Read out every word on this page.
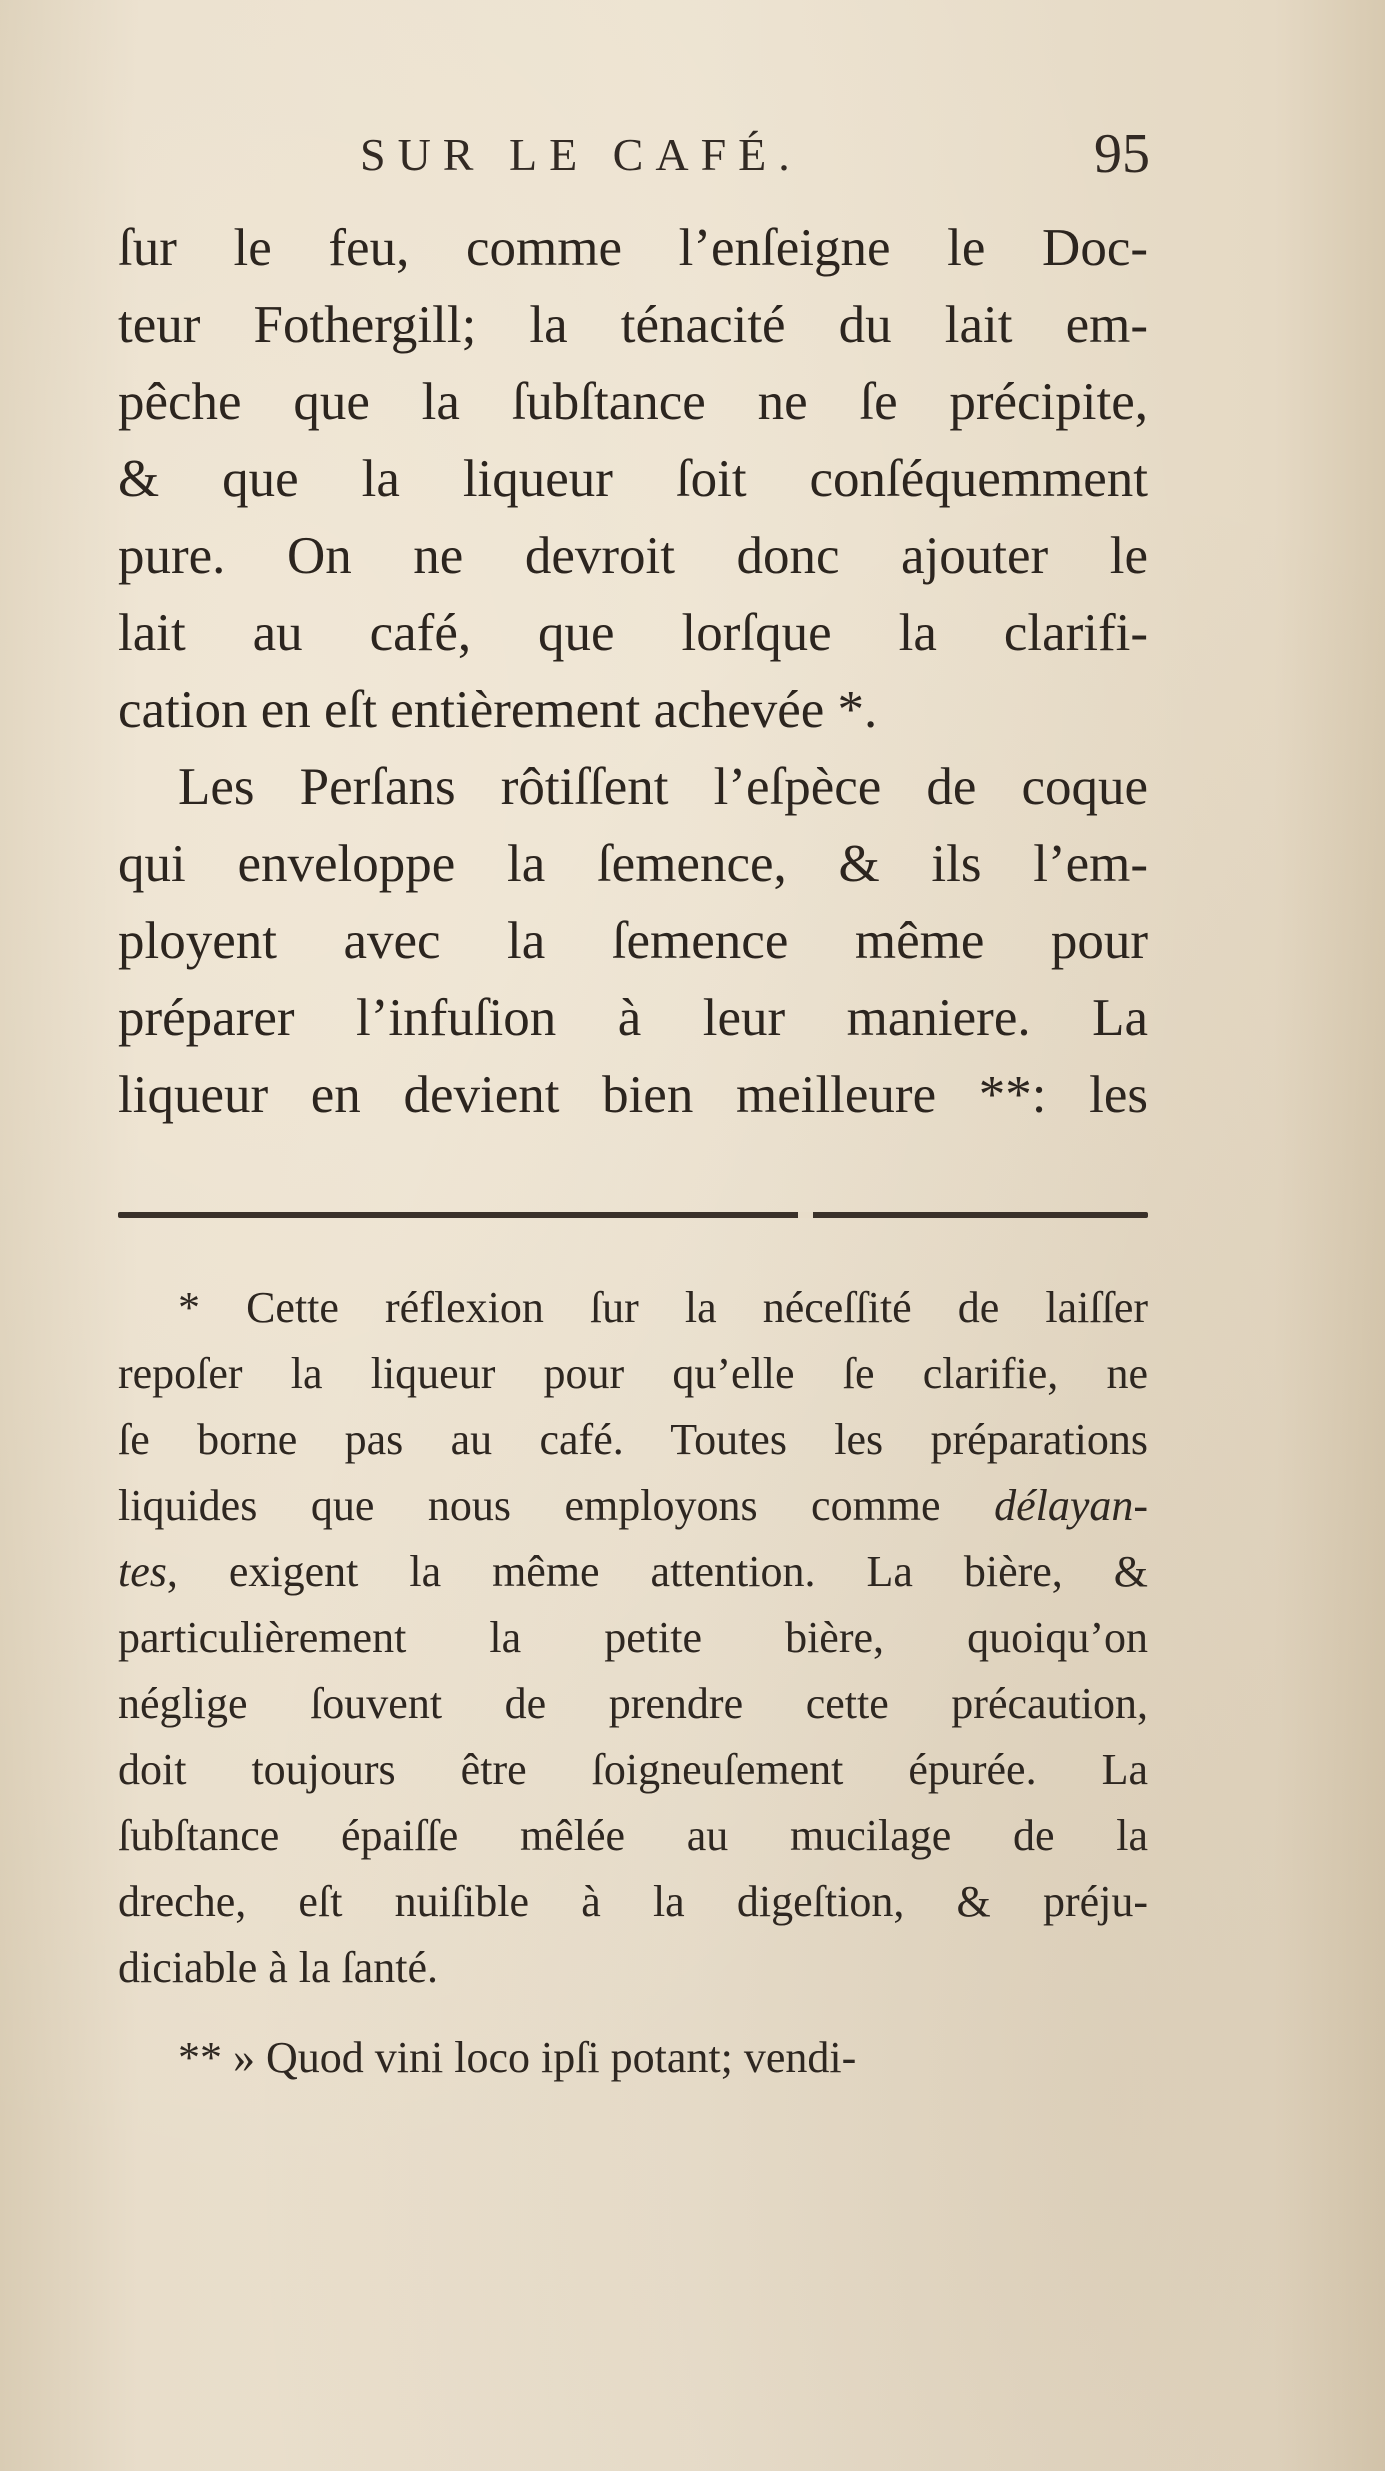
SUR LE CAFÉ.	95
ſur le feu, comme l’enſeigne le Doc-
teur Fothergill; la ténacité du lait em-
pêche que la ſubſtance ne ſe précipite,
& que la liqueur ſoit conſéquemment
pure. On ne devroit donc ajouter le
lait au café, que lorſque la clarifi-
cation en eſt entièrement achevée *.
Les Perſans rôtiſſent l’eſpèce de coque
qui enveloppe la ſemence, & ils l’em-
ployent avec la ſemence même pour
préparer l’infuſion à leur maniere. La
liqueur en devient bien meilleure **: les
* Cette réflexion ſur la néceſſité de laiſſer
repoſer la liqueur pour qu’elle ſe clarifie, ne
ſe borne pas au café. Toutes les préparations
liquides que nous employons comme délayan-
tes, exigent la même attention. La bière, &
particulièrement la petite bière, quoiqu’on
néglige ſouvent de prendre cette précaution,
doit toujours être ſoigneuſement épurée. La
ſubſtance épaiſſe mêlée au mucilage de la
dreche, eſt nuiſible à la digeſtion, & préju-
diciable à la ſanté.
** » Quod vini loco ipſi potant; vendi-
